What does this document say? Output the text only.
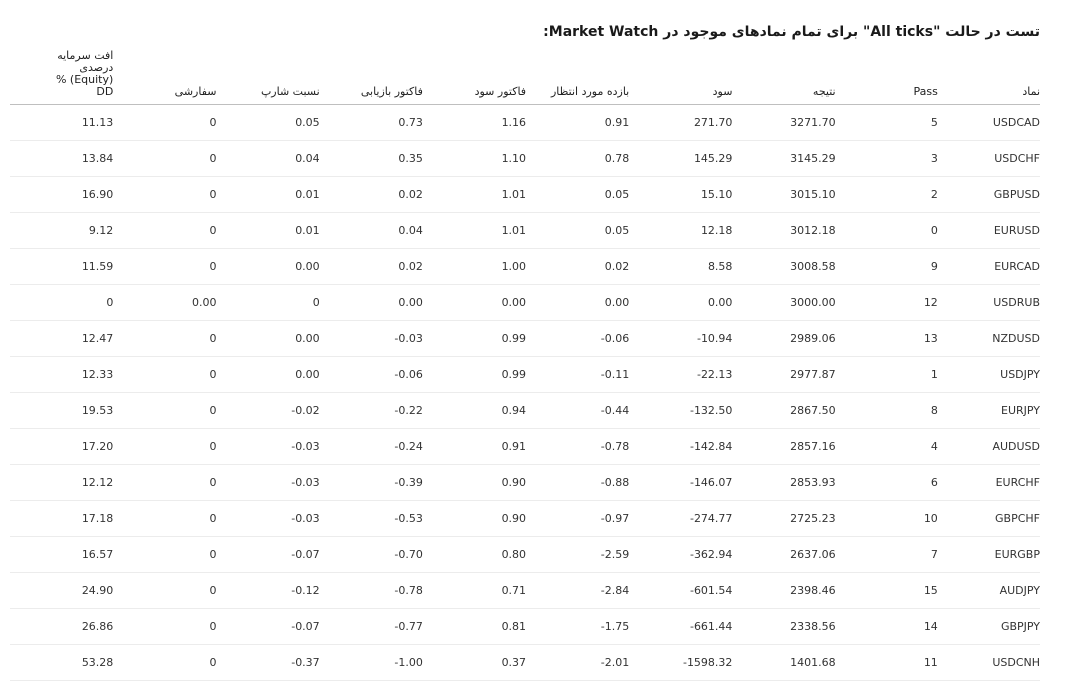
تست در حالت "All ticks" برای تمام نمادهای موجود در Market Watch:
نماد	Pass	نتیجه	سود	بازده مورد انتظار	فاکتور سود	فاکتور بازیابی	نسبت شارپ	سفارشی	افت سرمایه درصدی (Equity) % DD
USDCAD	5	3271.70	271.70	0.91	1.16	0.73	0.05	0	11.13
USDCHF	3	3145.29	145.29	0.78	1.10	0.35	0.04	0	13.84
GBPUSD	2	3015.10	15.10	0.05	1.01	0.02	0.01	0	16.90
EURUSD	0	3012.18	12.18	0.05	1.01	0.04	0.01	0	9.12
EURCAD	9	3008.58	8.58	0.02	1.00	0.02	0.00	0	11.59
USDRUB	12	3000.00	0.00	0.00	0.00	0.00	0	0.00	0
NZDUSD	13	2989.06	-10.94	-0.06	0.99	-0.03	0.00	0	12.47
USDJPY	1	2977.87	-22.13	-0.11	0.99	-0.06	0.00	0	12.33
EURJPY	8	2867.50	-132.50	-0.44	0.94	-0.22	-0.02	0	19.53
AUDUSD	4	2857.16	-142.84	-0.78	0.91	-0.24	-0.03	0	17.20
EURCHF	6	2853.93	-146.07	-0.88	0.90	-0.39	-0.03	0	12.12
GBPCHF	10	2725.23	-274.77	-0.97	0.90	-0.53	-0.03	0	17.18
EURGBP	7	2637.06	-362.94	-2.59	0.80	-0.70	-0.07	0	16.57
AUDJPY	15	2398.46	-601.54	-2.84	0.71	-0.78	-0.12	0	24.90
GBPJPY	14	2338.56	-661.44	-1.75	0.81	-0.77	-0.07	0	26.86
USDCNH	11	1401.68	-1598.32	-2.01	0.37	-1.00	-0.37	0	53.28
